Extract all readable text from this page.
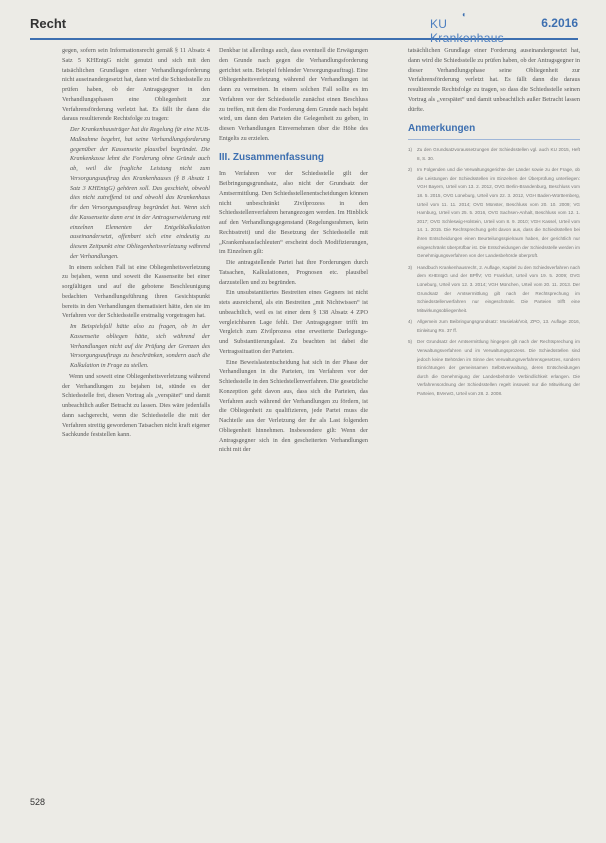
Recht
◐
KU Krankenhaus
6.2016

gegen, sofern sein Informationsrecht gemäß § 11 Absatz 4 Satz 5 KHEntgG nicht genutzt und sich mit den tatsächlichen Grundlagen einer Verhandlungsforderung nicht auseinandergesetzt hat, dann wird die Schiedsstelle zu prüfen haben, ob der Antragsgegner in den Verhandlungsphasen eine Obliegenheit zur Verfahrensförderung verletzt hat. Es fällt ihr dann die daraus resultierende Rechtsfolge zu tragen:

Der Krankenhausträger hat die Regelung für eine NUB-Maßnahme begehrt, hat seine Verhandlungsforderung gegenüber der Kassenseite plausibel begründet. Die Krankenkasse lehnt die Forderung ohne Gründe auch ab, weil die fragliche Leistung nicht zum Versorgungsauftrag des Krankenhauses (§ 8 Absatz 1 Satz 3 KHEntgG) gehören soll. Das geschieht, obwohl dies nicht zutreffend ist und obwohl das Krankenhaus ihr den Versorgungsauftrag begründet hat. Wenn sich die Kassenseite dann erst in der Antragserwiderung mit einzelnen Elementen der Entgeltkalkulation auseinandersetzt, offenbart sich eine eindeutig zu diesem Zeitpunkt eine Obliegenheitsverletzung während der Verhandlungen.

In einem solchen Fall ist eine Obliegenheitsverletzung zu bejahen, wenn und soweit die Kassenseite bei einer sorgfältigen und auf die gebotene Beschleunigung bedachten Verhandlungsführung ihren Gesichtspunkt bereits in den Verhandlungen thematisiert hätte, den sie im Verfahren vor der Schiedsstelle erstmalig vorgetragen hat.

Im Beispielsfall hätte also zu fragen, ob in der Kassenseite obliegen hätte, sich während der Verhandlungen nicht auf die Prüfung der Grenzen des Versorgungsauftrags zu beschränken, sondern auch die Kalkulation in Frage zu stellen.

Wenn und soweit eine Obliegenheitsverletzung während der Verhandlungen zu bejahen ist, stünde es der Schiedsstelle frei, diesen Vortrag als „verspätet“ und damit unbeachtlich außer Betracht zu lassen. Dies wäre jedenfalls dann sachgerecht, wenn die Schiedsstelle die mit der Verfahren streitig gewordenen Tatsachen nicht kraft eigener Sachkunde feststellen kann.

Denkbar ist allerdings auch, dass eventuell die Erwägungen den Grunde nach gegen die Verhandlungsforderung gerichtet sein. Beispiel fehlender Versorgungsauftrag). Eine Obliegenheitsverletzung während der Verhandlungen ist dann zu verneinen. In einem solchen Fall sollte es im Verfahren vor der Schiedsstelle zunächst einen Beschluss zu treffen, mit dem die Forderung dem Grunde nach bejaht wird, um dann den Parteien die Gelegenheit zu geben, in diesen Verhandlungen Einvernehmen über die Höhe des Entgelts zu erzielen.

III. Zusammenfassung

Im Verfahren vor der Schiedsstelle gilt der Beibringungsgrundsatz, also nicht der Grundsatz der Amtsermittlung. Den Schiedsstellenentscheidungen können nicht unbeschränkt Zivilprozess in den Schiedsstellenverfahren herangezogen werden. Im Hinblick auf den Verhandlungsgegenstand (Regelungsrahmen, kein Rechtsstreit) und die Besetzung der Schiedsstelle mit „Krankenhausfachleuten“ erscheint doch Modifizierungen, im Einzelnen gilt:

Die antragstellende Partei hat ihre Forderungen durch Tatsachen, Kalkulationen, Prognosen etc. plausibel darzustellen und zu begründen.

Ein unsubstantiiertes Bestreiten eines Gegners ist nicht stets ausreichend, als ein Bestreiten „mit Nichtwissen“ ist unbeachtlich, weil es ist einer dem § 138 Absatz 4 ZPO vergleichbaren Lage fehlt. Der Antragsgegner trifft im Vergleich zum Zivilprozess eine erweiterte Darlegungs- und Substantiierungslast. Zu beachten ist dabei die Vertragssituation der Parteien.

Eine Beweislastentscheidung hat sich in der Phase der Verhandlungen in die Parteien, im Verfahren vor der Schiedsstelle in den Schiedstellenverfahren. Die gesetzliche Konzeption geht davon aus, dass sich die Parteien, das Verfahren auch während der Verhandlungen zu fördern, ist die Obliegenheit zu qualifizieren, jede Partei muss die Nachteile aus der Verletzung der ihr als Last folgenden Obliegenheit hinnehmen. Insbesondere gilt: Wenn der Antragsgegner sich in den gescheiterten Verhandlungen nicht mit der

tatsächlichen Grundlage einer Forderung auseinandergesetzt hat, dann wird die Schiedsstelle zu prüfen haben, ob der Antragsgegner in dieser Verhandlungsphase seine Obliegenheit zur Verfahrensförderung verletzt hat. Es fällt dann die daraus resultierende Rechtsfolge zu tragen, so dass die Schiedsstelle seinen Vortrag als „verspätet“ und damit unbeachtlich außer Betracht lassen dürfte.

Anmerkungen
1)	Zu den Grundsatzvoraussetzungen der Schiedsstellen vgl. auch KU 2015, Heft 8, S. 30.
2)	Im Folgenden und die Verwaltungsgerichte der Länder sowie zu der Frage, ob die Leistungen der Schiedsstellen im Einzelnen der Überprüfung unterliegen: VGH Bayern, Urteil vom 13. 2. 2012, OVG Berlin-Brandenburg, Beschluss vom 18. 5. 2015, OVG Lüneburg, Urteil vom 22. 3. 2012, VGH Baden-Württemberg, Urteil vom 11. 11. 2014; OVG Münster, Beschluss vom 20. 10. 2009; VG Hamburg, Urteil vom 25. 5. 2016, OVG Sachsen-Anhalt, Beschluss vom 12. 1. 2017; OVG Schleswig-Holstein, Urteil vom 8. 9. 2010; VGH Kassel, Urteil vom 14. 1. 2015. Die Rechtsprechung geht davon aus, dass die Schiedsstellen bei ihren Entscheidungen einen Beurteilungsspielraum haben, der gerichtlich nur eingeschränkt überprüfbar ist. Die Entscheidungen der Schiedsstelle werden im Genehmigungsverfahren von der Landesbehörde überprüft.
3)	Handbuch Krankenhausrecht, 2. Auflage, Kapitel zu den Schiedsverfahren nach dem KHEntgG und der BPflV; VG Frankfurt, Urteil vom 19. 5. 2009; OVG Lüneburg, Urteil vom 12. 3. 2014; VGH München, Urteil vom 20. 11. 2013. Der Grundsatz der Amtsermittlung gilt nach der Rechtsprechung im Schiedsstellenverfahren nur eingeschränkt. Die Parteien trifft eine Mitwirkungsobliegenheit.
4)	Allgemein zum Beibringungsgrundsatz: Musielak/Voit, ZPO, 13. Auflage 2016, Einleitung Rn. 37 ff.
5)	Der Grundsatz der Amtsermittlung hingegen gilt nach der Rechtsprechung im Verwaltungsverfahren und im Verwaltungsprozess. Die Schiedsstellen sind jedoch keine Behörden im Sinne des Verwaltungsverfahrensgesetzes, sondern Einrichtungen der gemeinsamen Selbstverwaltung, deren Entscheidungen durch die Genehmigung der Landesbehörde Verbindlichkeit erlangen. Die Verfahrensordnung der Schiedsstellen regelt insoweit nur die Mitwirkung der Parteien, BVerwG, Urteil vom 28. 2. 2008.
528
